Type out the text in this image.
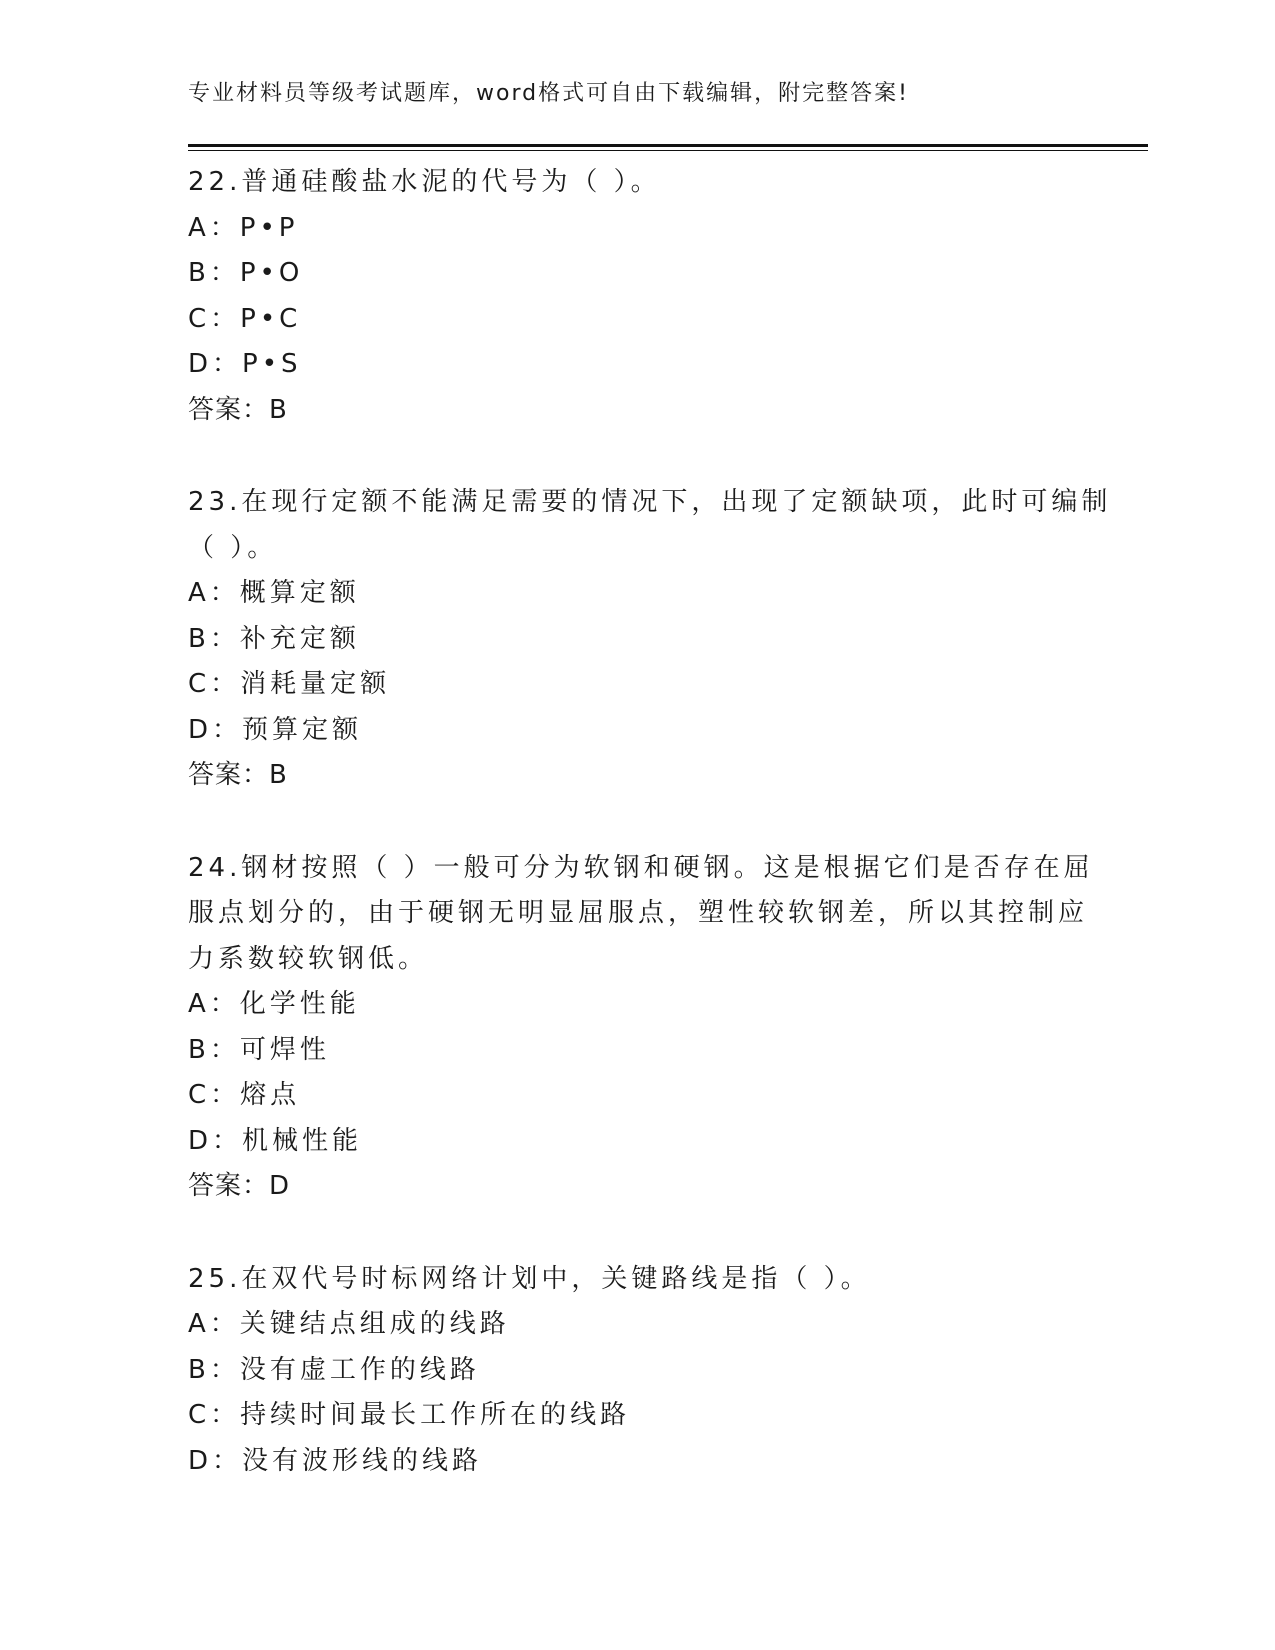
专业材料员等级考试题库，word格式可自由下载编辑，附完整答案!
22.普通硅酸盐水泥的代号为（ ）。
A：P•P
B：P•O
C：P•C
D：P•S
答案：B
23.在现行定额不能满足需要的情况下，出现了定额缺项，此时可编制
（ ）。
A：概算定额
B：补充定额
C：消耗量定额
D：预算定额
答案：B
24.钢材按照（ ）一般可分为软钢和硬钢。这是根据它们是否存在屈
服点划分的，由于硬钢无明显屈服点，塑性较软钢差，所以其控制应
力系数较软钢低。
A：化学性能
B：可焊性
C：熔点
D：机械性能
答案：D
25.在双代号时标网络计划中，关键路线是指（ ）。
A：关键结点组成的线路
B：没有虚工作的线路
C：持续时间最长工作所在的线路
D：没有波形线的线路
